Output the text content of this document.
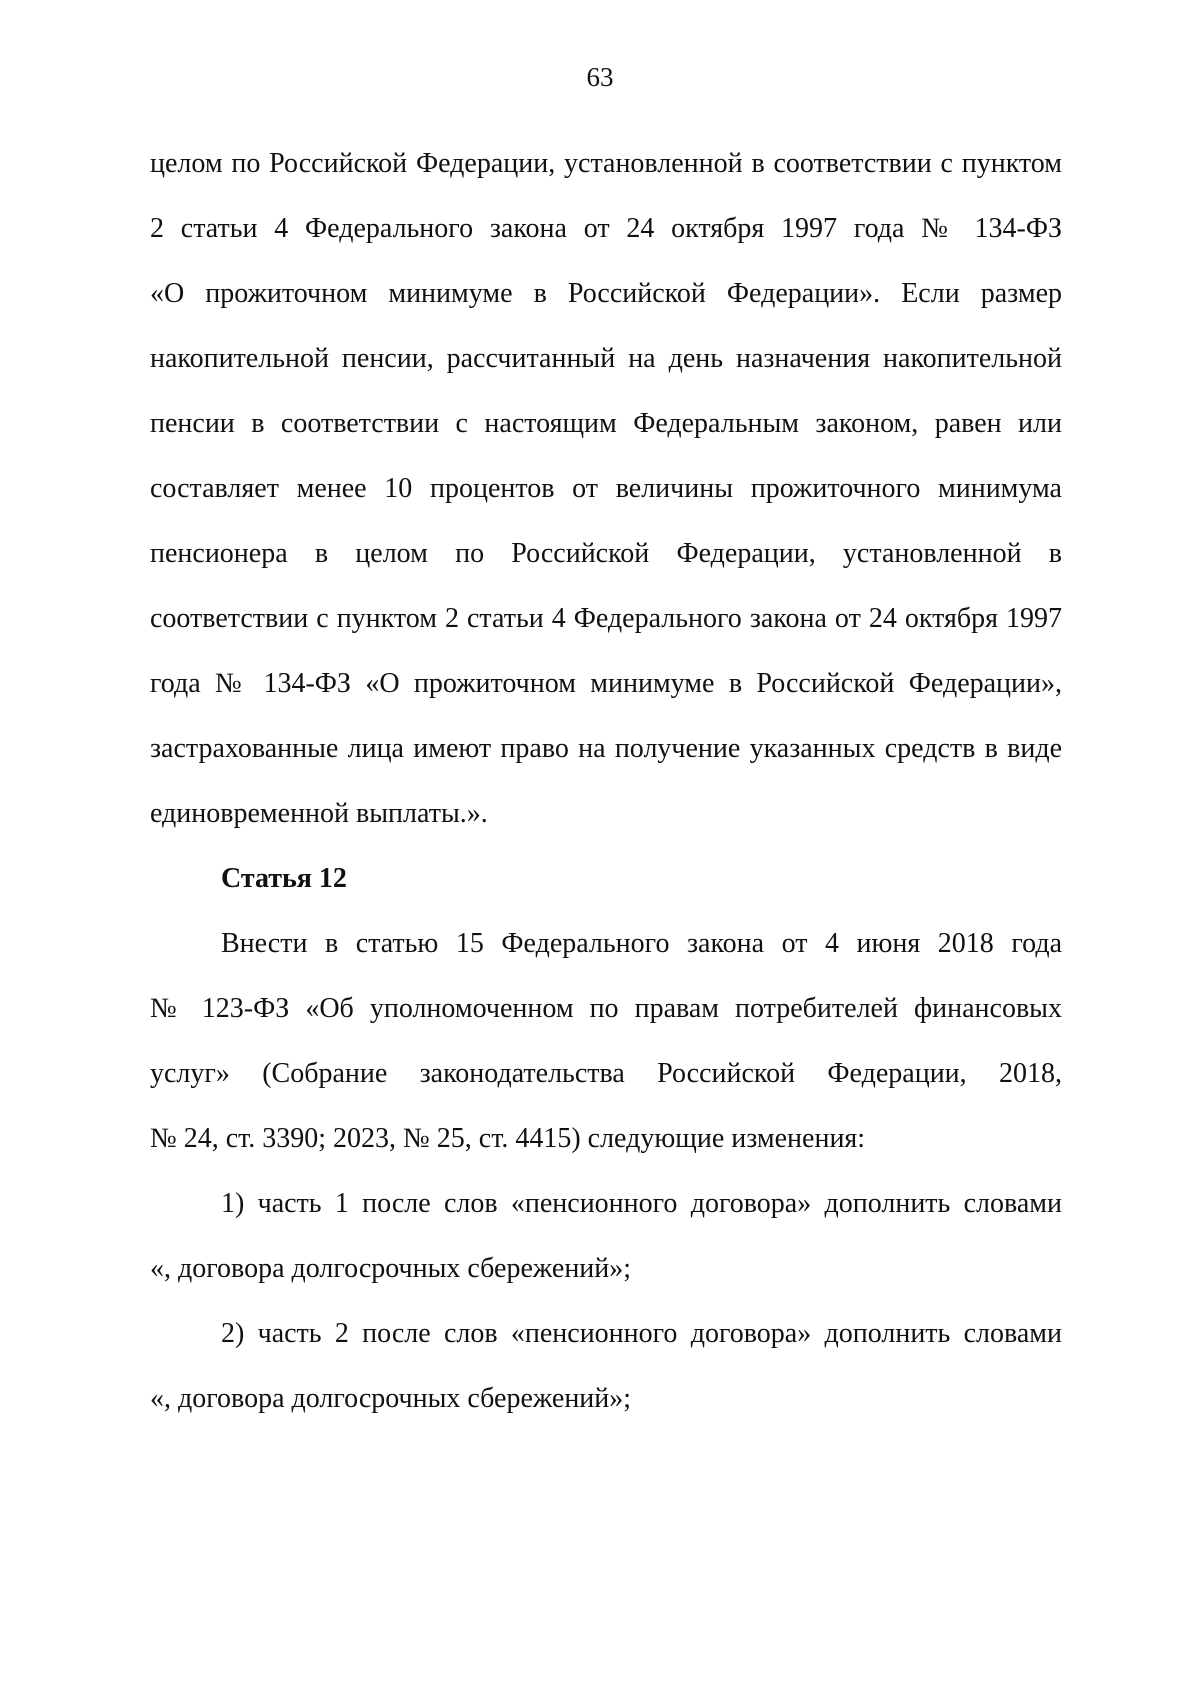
63
целом по Российской Федерации, установленной в соответствии с пунктом
2 статьи 4 Федерального закона от 24 октября 1997 года № 134-ФЗ
«О прожиточном минимуме в Российской Федерации». Если размер
накопительной пенсии, рассчитанный на день назначения накопительной
пенсии в соответствии с настоящим Федеральным законом, равен или
составляет менее 10 процентов от величины прожиточного минимума
пенсионера в целом по Российской Федерации, установленной в
соответствии с пунктом 2 статьи 4 Федерального закона от 24 октября 1997
года № 134-ФЗ «О прожиточном минимуме в Российской Федерации»,
застрахованные лица имеют право на получение указанных средств в виде
единовременной выплаты.».
Статья 12
Внести в статью 15 Федерального закона от 4 июня 2018 года
№ 123-ФЗ «Об уполномоченном по правам потребителей финансовых
услуг» (Собрание законодательства Российской Федерации, 2018,
№ 24, ст. 3390; 2023, № 25, ст. 4415) следующие изменения:
1) часть 1 после слов «пенсионного договора» дополнить словами
«, договора долгосрочных сбережений»;
2) часть 2 после слов «пенсионного договора» дополнить словами
«, договора долгосрочных сбережений»;
